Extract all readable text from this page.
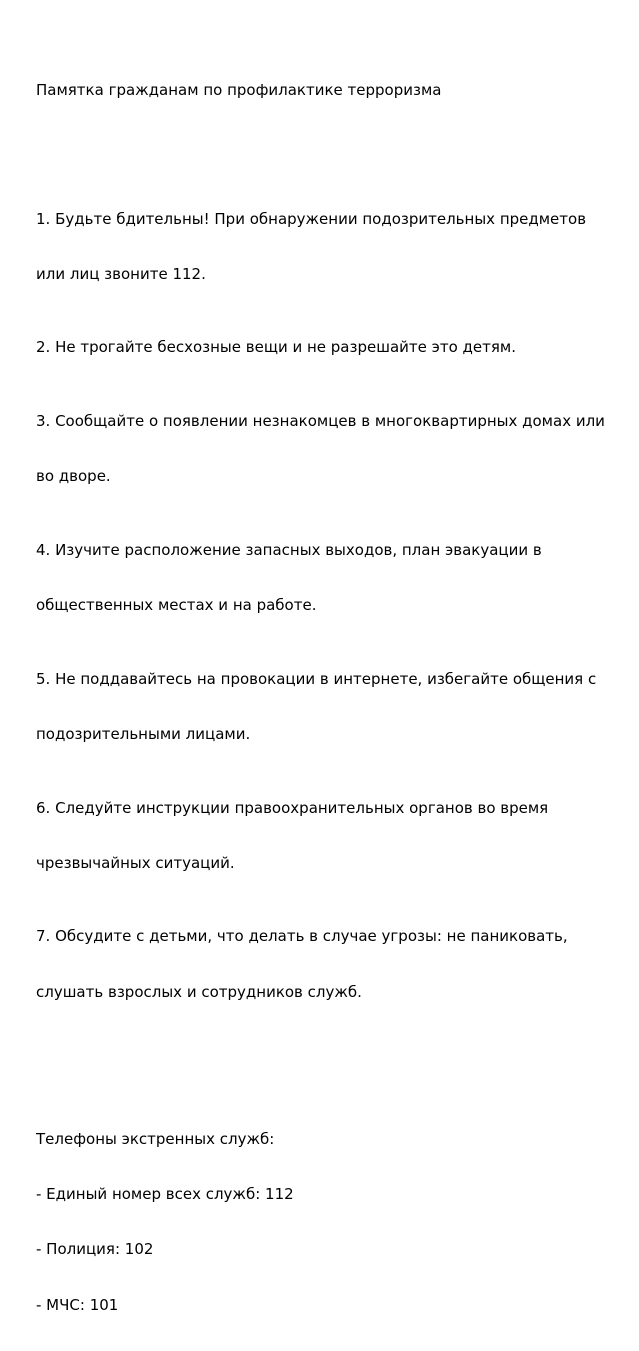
Памятка гражданам по профилактике терроризма

1. Будьте бдительны! При обнаружении подозрительных предметов

или лиц звоните 112.

2. Не трогайте бесхозные вещи и не разрешайте это детям.

3. Сообщайте о появлении незнакомцев в многоквартирных домах или

во дворе.

4. Изучите расположение запасных выходов, план эвакуации в

общественных местах и на работе.

5. Не поддавайтесь на провокации в интернете, избегайте общения с

подозрительными лицами.

6. Следуйте инструкции правоохранительных органов во время

чрезвычайных ситуаций.

7. Обсудите с детьми, что делать в случае угрозы: не паниковать,

слушать взрослых и сотрудников служб.

Телефоны экстренных служб:

- Единый номер всех служб: 112

- Полиция: 102

- МЧС: 101
